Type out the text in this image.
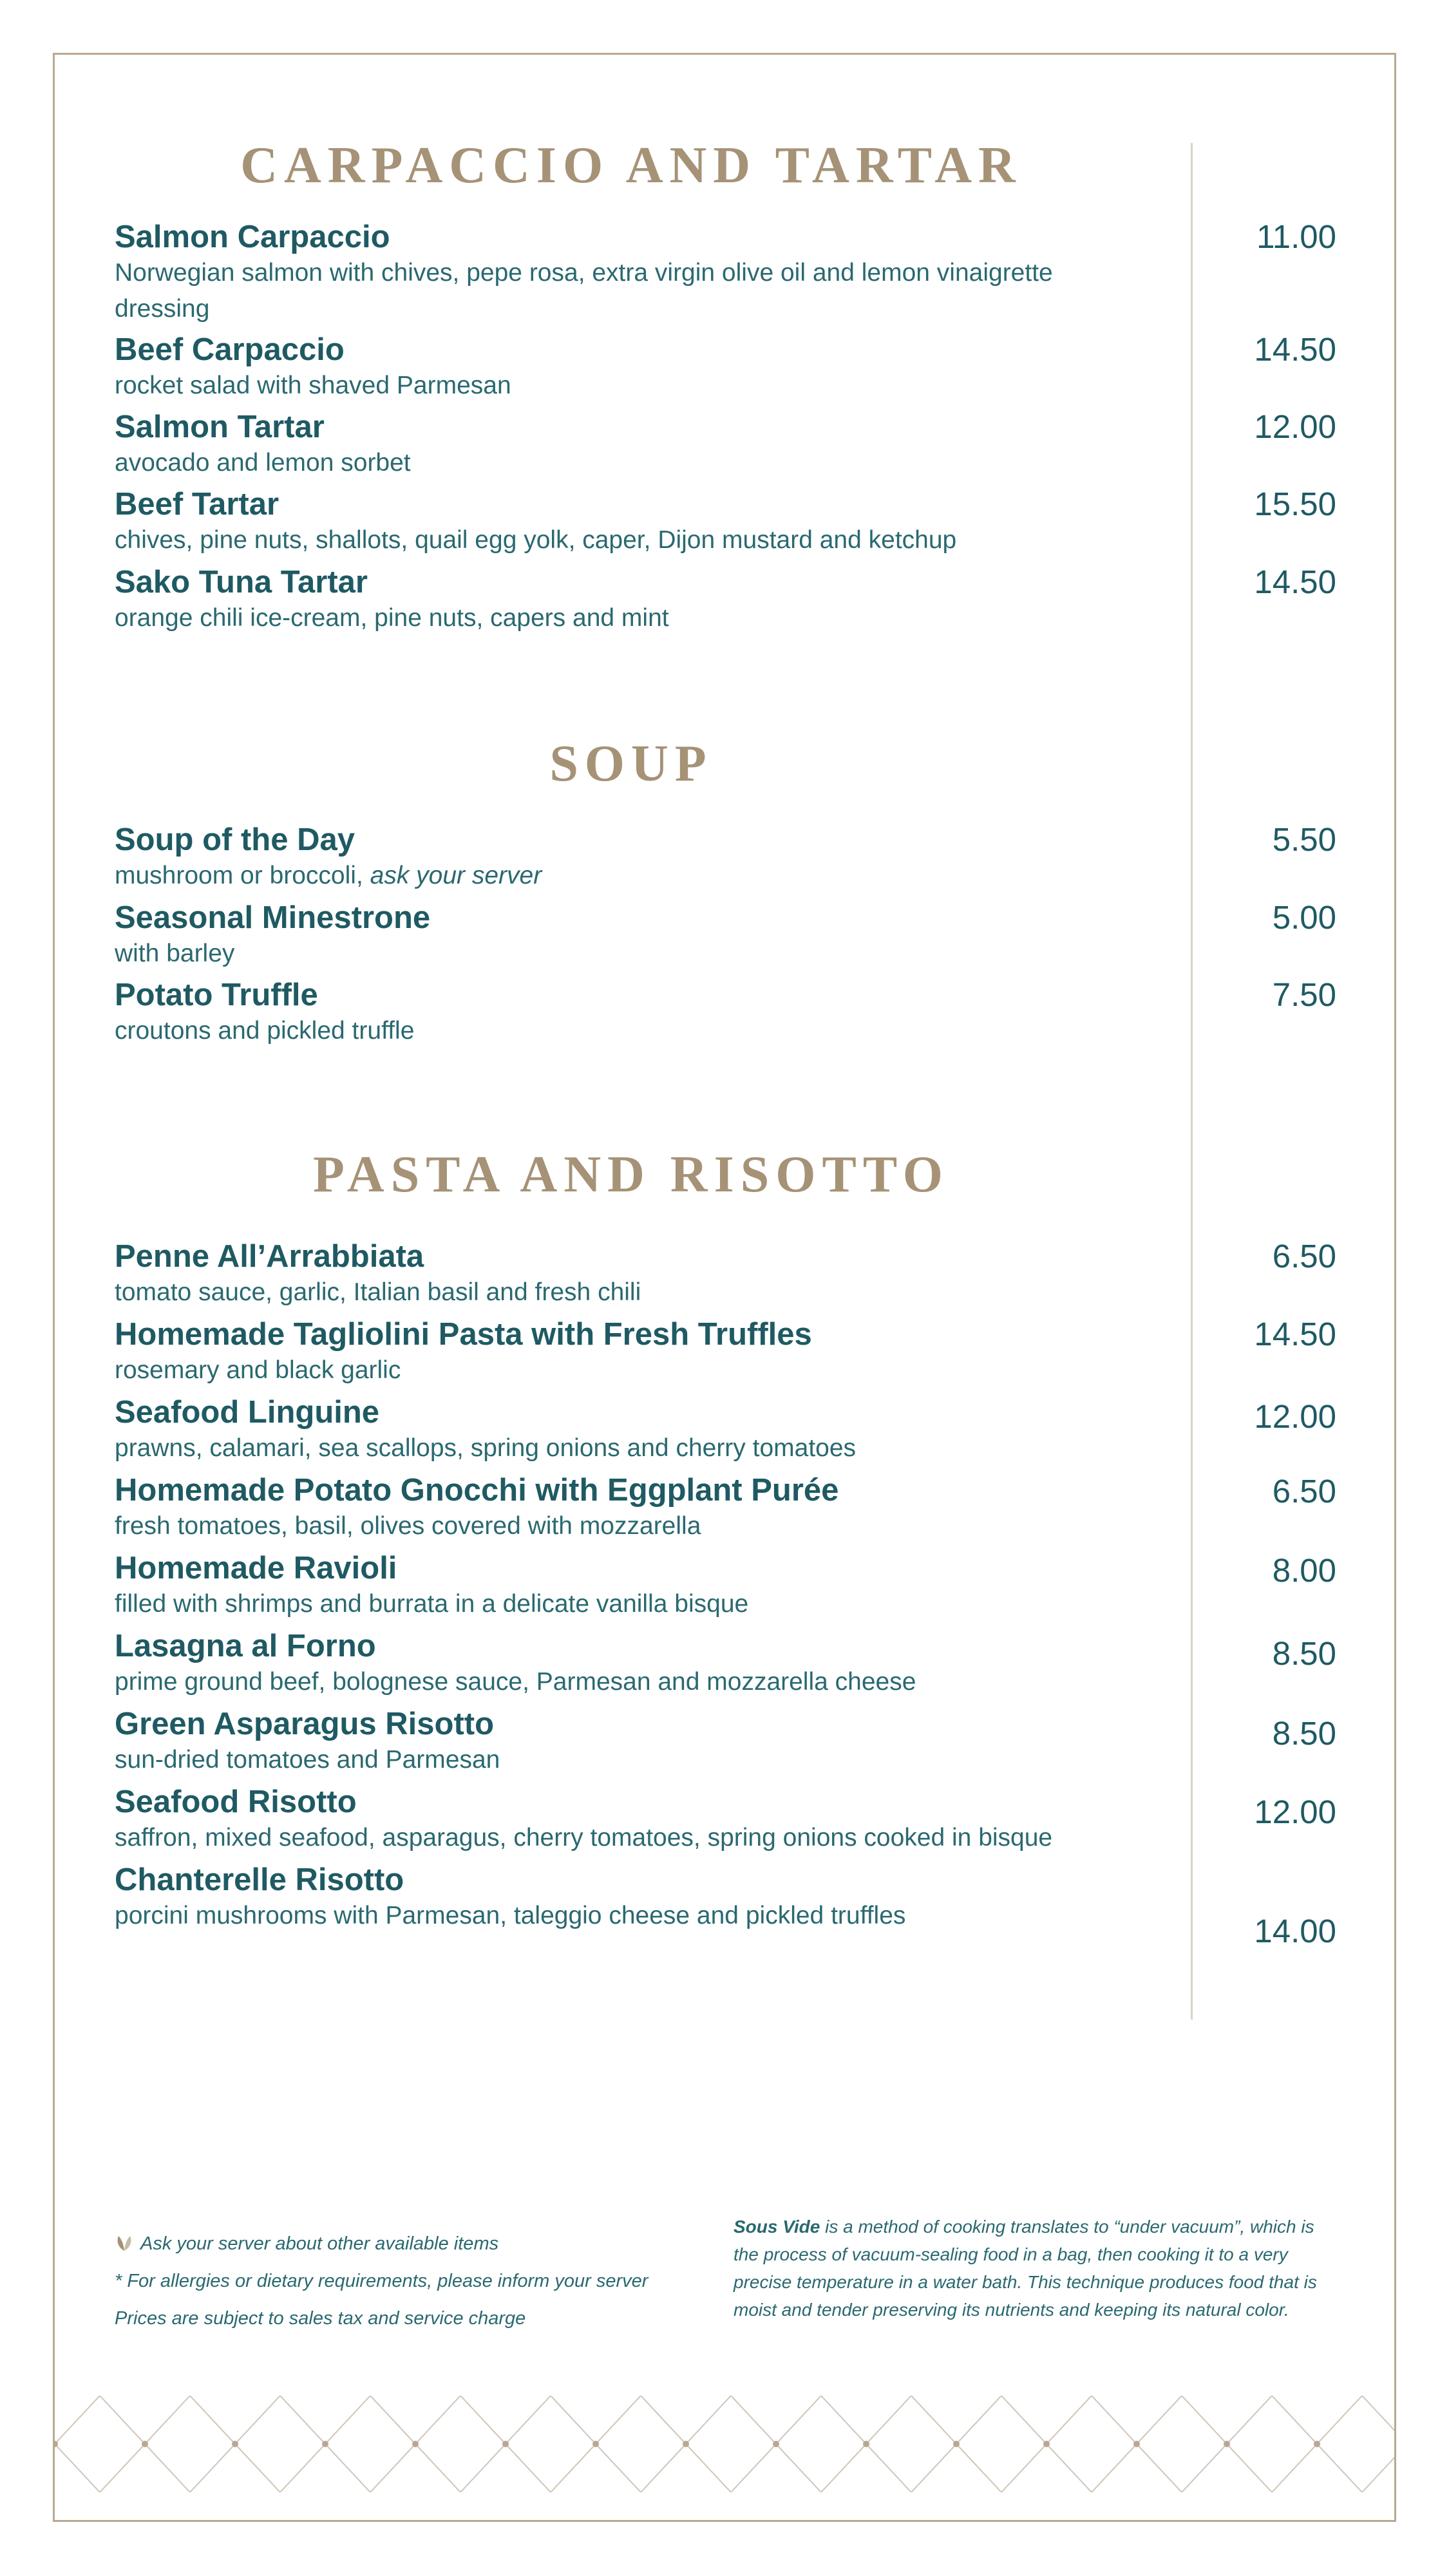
CARPACCIO AND TARTAR
Salmon Carpaccio
Norwegian salmon with chives, pepe rosa, extra virgin olive oil and lemon vinaigrette dressing
11.00
Beef Carpaccio
rocket salad with shaved Parmesan
14.50
Salmon Tartar
avocado and lemon sorbet
12.00
Beef Tartar
chives, pine nuts, shallots, quail egg yolk, caper, Dijon mustard and ketchup
15.50
Sako Tuna Tartar
orange chili ice-cream, pine nuts, capers and mint
14.50
SOUP
Soup of the Day
mushroom or broccoli, ask your server
5.50
Seasonal Minestrone
with barley
5.00
Potato Truffle
croutons and pickled truffle
7.50
PASTA AND RISOTTO
Penne All’Arrabbiata
tomato sauce, garlic, Italian basil and fresh chili
6.50
Homemade Tagliolini Pasta with Fresh Truffles
rosemary and black garlic
14.50
Seafood Linguine
prawns, calamari, sea scallops, spring onions and cherry tomatoes
12.00
Homemade Potato Gnocchi with Eggplant Purée
fresh tomatoes, basil, olives covered with mozzarella
6.50
Homemade Ravioli
filled with shrimps and burrata in a delicate vanilla bisque
8.00
Lasagna al Forno
prime ground beef, bolognese sauce, Parmesan and mozzarella cheese
8.50
Green Asparagus Risotto
sun-dried tomatoes and Parmesan
8.50
Seafood Risotto
saffron, mixed seafood, asparagus, cherry tomatoes, spring onions cooked in bisque
12.00
Chanterelle Risotto
porcini mushrooms with Parmesan, taleggio cheese and pickled truffles	14.00
Ask your server about other available items
* For allergies or dietary requirements, please inform your server
Prices are subject to sales tax and service charge
Sous Vide is a method of cooking translates to “under vacuum”, which is the process of vacuum-sealing food in a bag, then cooking it to a very precise temperature in a water bath. This technique produces food that is moist and tender preserving its nutrients and keeping its natural color.
